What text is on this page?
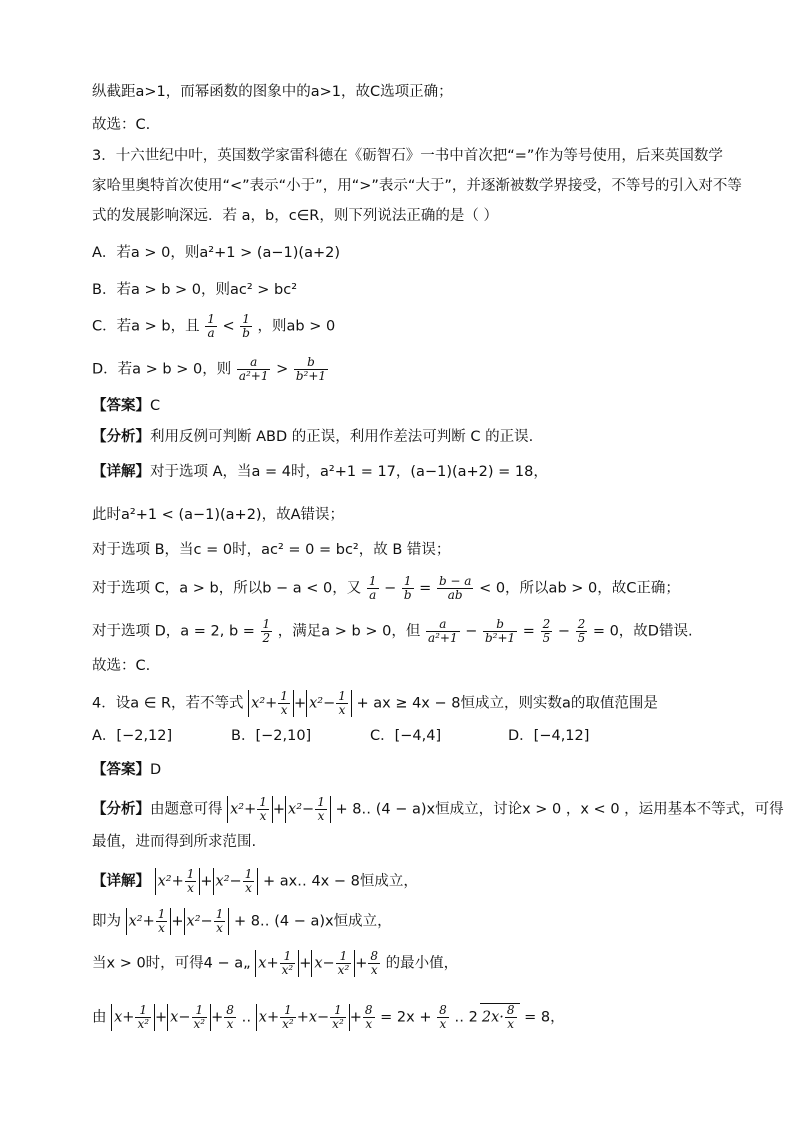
纵截距a>1，而幂函数的图象中的a>1，故C选项正确；
故选：C.
3．十六世纪中叶，英国数学家雷科德在《砺智石》一书中首次把“=”作为等号使用，后来英国数学
家哈里奥特首次使用“<”表示“小于”，用“>”表示“大于”，并逐渐被数学界接受，不等号的引入对不等
式的发展影响深远．若 a，b，c∈R，则下列说法正确的是（ ）
A．若a > 0，则a²+1 > (a−1)(a+2)
B．若a > b > 0，则ac² > bc²
C．若a > b，且 $\frac{1}{a} < \frac{1}{b}$ ，则ab > 0
D．若a > b > 0，则 $\frac{a}{\text{a²+1}} > \frac{b}{\text{b²+1}}$
【答案】C
【分析】利用反例可判断 ABD 的正误，利用作差法可判断 C 的正误.
【详解】对于选项 A，当a = 4时，a²+1 = 17，(a−1)(a+2) = 18，
此时a²+1 < (a−1)(a+2)，故A错误；
对于选项 B，当c = 0时，ac² = 0 = bc²，故 B 错误；
对于选项 C，a > b，所以b − a < 0，又 $\frac{1}{a} - \frac{1}{b} = \frac{b - a}{ab} < 0$，所以ab > 0，故C正确；
对于选项 D，a = 2, $b = \frac{1}{2}$ ，满足a > b > 0，但 $\frac{a}{\text{a²+1}} - \frac{b}{\text{b²+1}} = \frac{2}{5} - \frac{2}{5} = 0$，故D错误.
故选：C.
4．设a ∈ R，若不等式 $x^2+ \frac{1}{x} + x^2- \frac{1}{x}$ + ax ≥ 4x − 8恒成立，则实数a的取值范围是
A．[−2,12]	B．[−2,10]	C．[−4,4]	D．[−4,12]
【答案】D
【分析】由题意可得 $x^2+ \frac{1}{x} + x^2- \frac{1}{x}$ + 8‥ (4 − a)x恒成立，讨论x > 0 ，x < 0 ，运用基本不等式，可得
最值，进而得到所求范围.
【详解】 $x^2+ \frac{1}{x} + x^2- \frac{1}{x}$ + ax‥ 4x − 8恒成立，
即为 $x^2+ \frac{1}{x} + x^2- \frac{1}{x}$ + 8‥ (4 − a)x恒成立，
当x > 0时，可得4 − a„ $x+ \frac{1}{\text{x²}} + x- \frac{1}{\text{x²}} + \frac{8}{x}$ 的最小值，
由 $x+ \frac{1}{\text{x²}} + x- \frac{1}{\text{x²}} + \frac{8}{x}$ ‥ $x+ \frac{1}{\text{x²}} +x- \frac{1}{\text{x²}} + \frac{8}{x} = 2x + \frac{8}{x}$ ‥ 2 $2x\cdot \frac{8}{x} = 8$，
